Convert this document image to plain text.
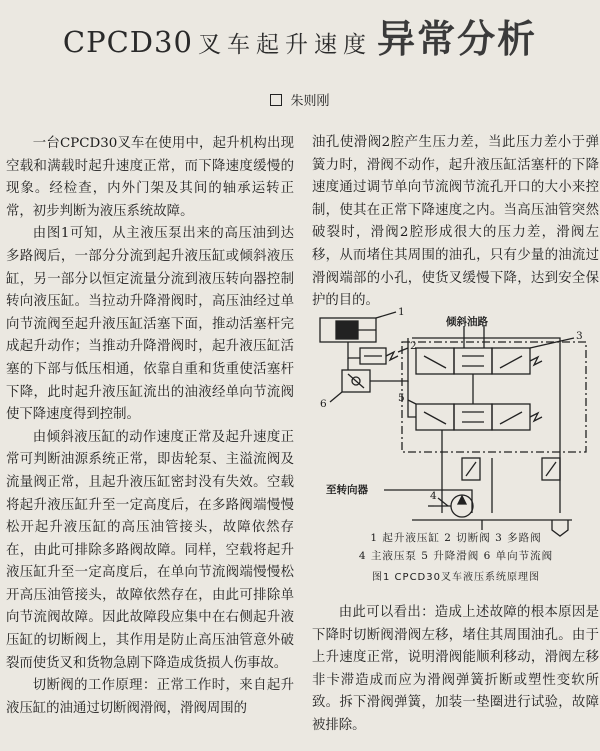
CPCD30 叉车起升速度 异常分析
朱则刚

一台CPCD30叉车在使用中，起升机构出现空载和满载时起升速度正常，而下降速度缓慢的现象。经检查，内外门架及其间的轴承运转正常，初步判断为液压系统故障。

由图1可知，从主液压泵出来的高压油到达多路阀后，一部分分流到起升液压缸或倾斜液压缸，另一部分以恒定流量分流到液压转向器控制转向液压缸。当拉动升降滑阀时，高压油经过单向节流阀至起升液压缸活塞下面，推动活塞杆完成起升动作；当推动升降滑阀时，起升液压缸活塞的下部与低压相通，依靠自重和货重使活塞杆下降，此时起升液压缸流出的油液经单向节流阀使下降速度得到控制。

由倾斜液压缸的动作速度正常及起升速度正常可判断油源系统正常，即齿轮泵、主溢流阀及流量阀正常，且起升液压缸密封没有失效。空载将起升液压缸升至一定高度后，在多路阀端慢慢松开起升液压缸的高压油管接头，故障依然存在，由此可排除多路阀故障。同样，空载将起升液压缸升至一定高度后，在单向节流阀端慢慢松开高压油管接头，故障依然存在，由此可排除单向节流阀故障。因此故障段应集中在右侧起升液压缸的切断阀上，其作用是防止高压油管意外破裂而使货叉和货物急剧下降造成货损人伤事故。

切断阀的工作原理：正常工作时，来自起升液压缸的油通过切断阀滑阀，滑阀周围的

油孔使滑阀2腔产生压力差，当此压力差小于弹簧力时，滑阀不动作，起升液压缸活塞杆的下降速度通过调节单向节流阀节流孔开口的大小来控制，使其在正常下降速度之内。当高压油管突然破裂时，滑阀2腔形成很大的压力差，滑阀左移，从而堵住其周围的油孔，只有少量的油流过滑阀端部的小孔，使货叉缓慢下降，达到安全保护的目的。

1
2
3
4
5
6
倾斜油路
至转向器
1 起升液压缸 2 切断阀 3 多路阀
4 主液压泵 5 升降滑阀 6 单向节流阀
图1 CPCD30叉车液压系统原理图

由此可以看出：造成上述故障的根本原因是下降时切断阀滑阀左移，堵住其周围油孔。由于上升速度正常，说明滑阀能顺利移动，滑阀左移非卡滞造成而应为滑阀弹簧折断或塑性变软所致。拆下滑阀弹簧，加装一垫圈进行试验，故障被排除。
